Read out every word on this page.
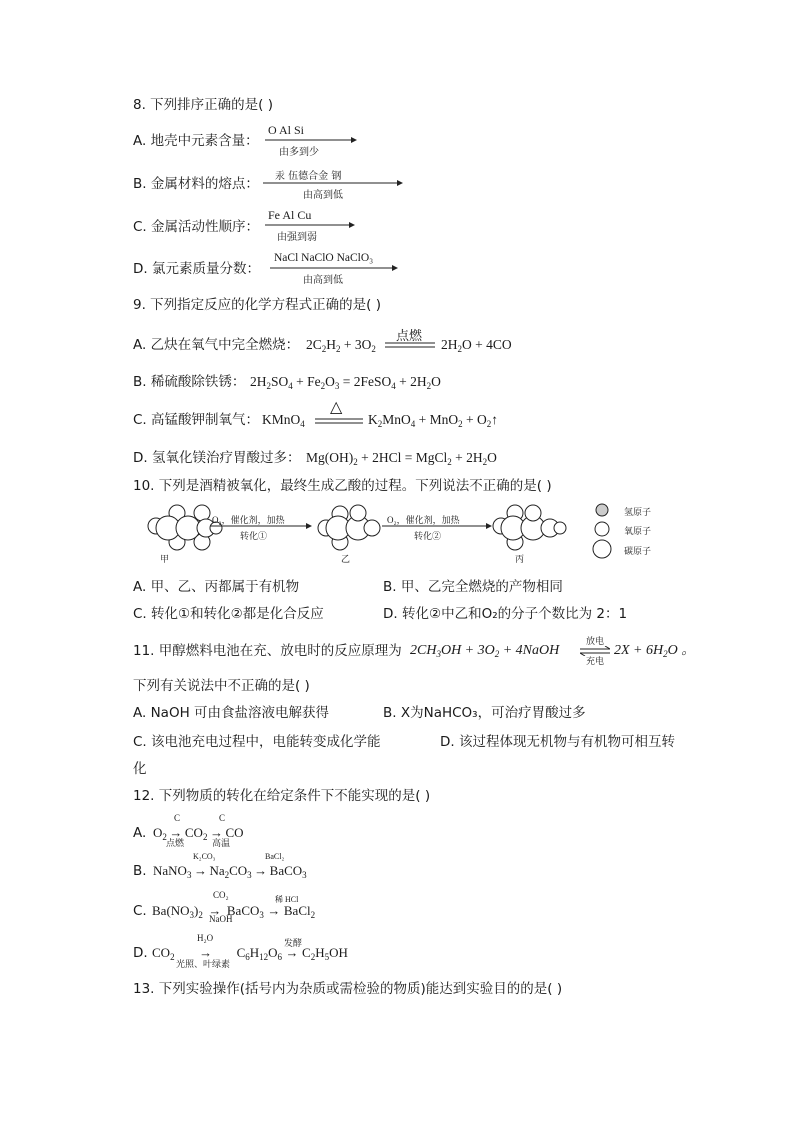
8. 下列排序正确的是( )
A. 地壳中元素含量：
O Al Si
由多到少
B. 金属材料的熔点： 汞 伍德合金 钢
由高到低
C. 金属活动性顺序：
Fe Al Cu
由强到弱
D. 氯元素质量分数：
NaCl NaClO NaClO₃
由高到低
9. 下列指定反应的化学方程式正确的是( )
A. 乙炔在氧气中完全燃烧： $2C_2H_2 + 3O_2$
点燃
$2H_2O + 4CO$
B. 稀硫酸除铁锈： $2H_2SO_4 + Fe_2O_3$ = 2FeSO$_4$ + $2H_2O$
C. 高锰酸钾制氧气： KMnO$_4$
△
$K_2MnO_4 + MnO_2$ + $O_2↑$
D. 氢氧化镁治疗胃酸过多： $Mg(OH)_2 + 2HCl$ = MgCl$_2$ + $2H_2O$
10. 下列是酒精被氧化，最终生成乙酸的过程。下列说法不正确的是( )
O₂，催化剂，加热
转化①
O₂，催化剂，加热
转化②
甲	乙	丙
氢原子
氧原子
碳原子
A. 甲、乙、丙都属于有机物	B. 甲、乙完全燃烧的产物相同
C. 转化①和转化②都是化合反应	D. 转化②中乙和O₂的分子个数比为 2：1
11. 甲醇燃料电池在充、放电时的反应原理为 $2CH_3OH + 3O_2$ + 4NaOH
放电
充电
$2X + 6H_2O$ 。
下列有关说法中不正确的是( )
A. NaOH 可由食盐溶液电解获得	B. X为NaHCO₃，可治疗胃酸过多
C. 该电池充电过程中，电能转变成化学能	D. 该过程体现无机物与有机物可相互转
化
12. 下列物质的转化在给定条件下不能实现的是( )
A. $O_2 \to CO_2$ → CO
C
点燃
C
高温
B. NaNO$_3$ → $Na_2CO_3$ → BaCO$_3$
K₂CO₃	BaCl₂
C. $Ba(NO_3)_2$ → BaCO$_3$ → BaCl$_2$
CO₂
NaOH
稀 HCl
D. $CO_2 \to C_6H_{12}O_6 \to C_2H_5OH$
H₂O
光照、叶绿素
发酵
13. 下列实验操作(括号内为杂质或需检验的物质)能达到实验目的的是( )
